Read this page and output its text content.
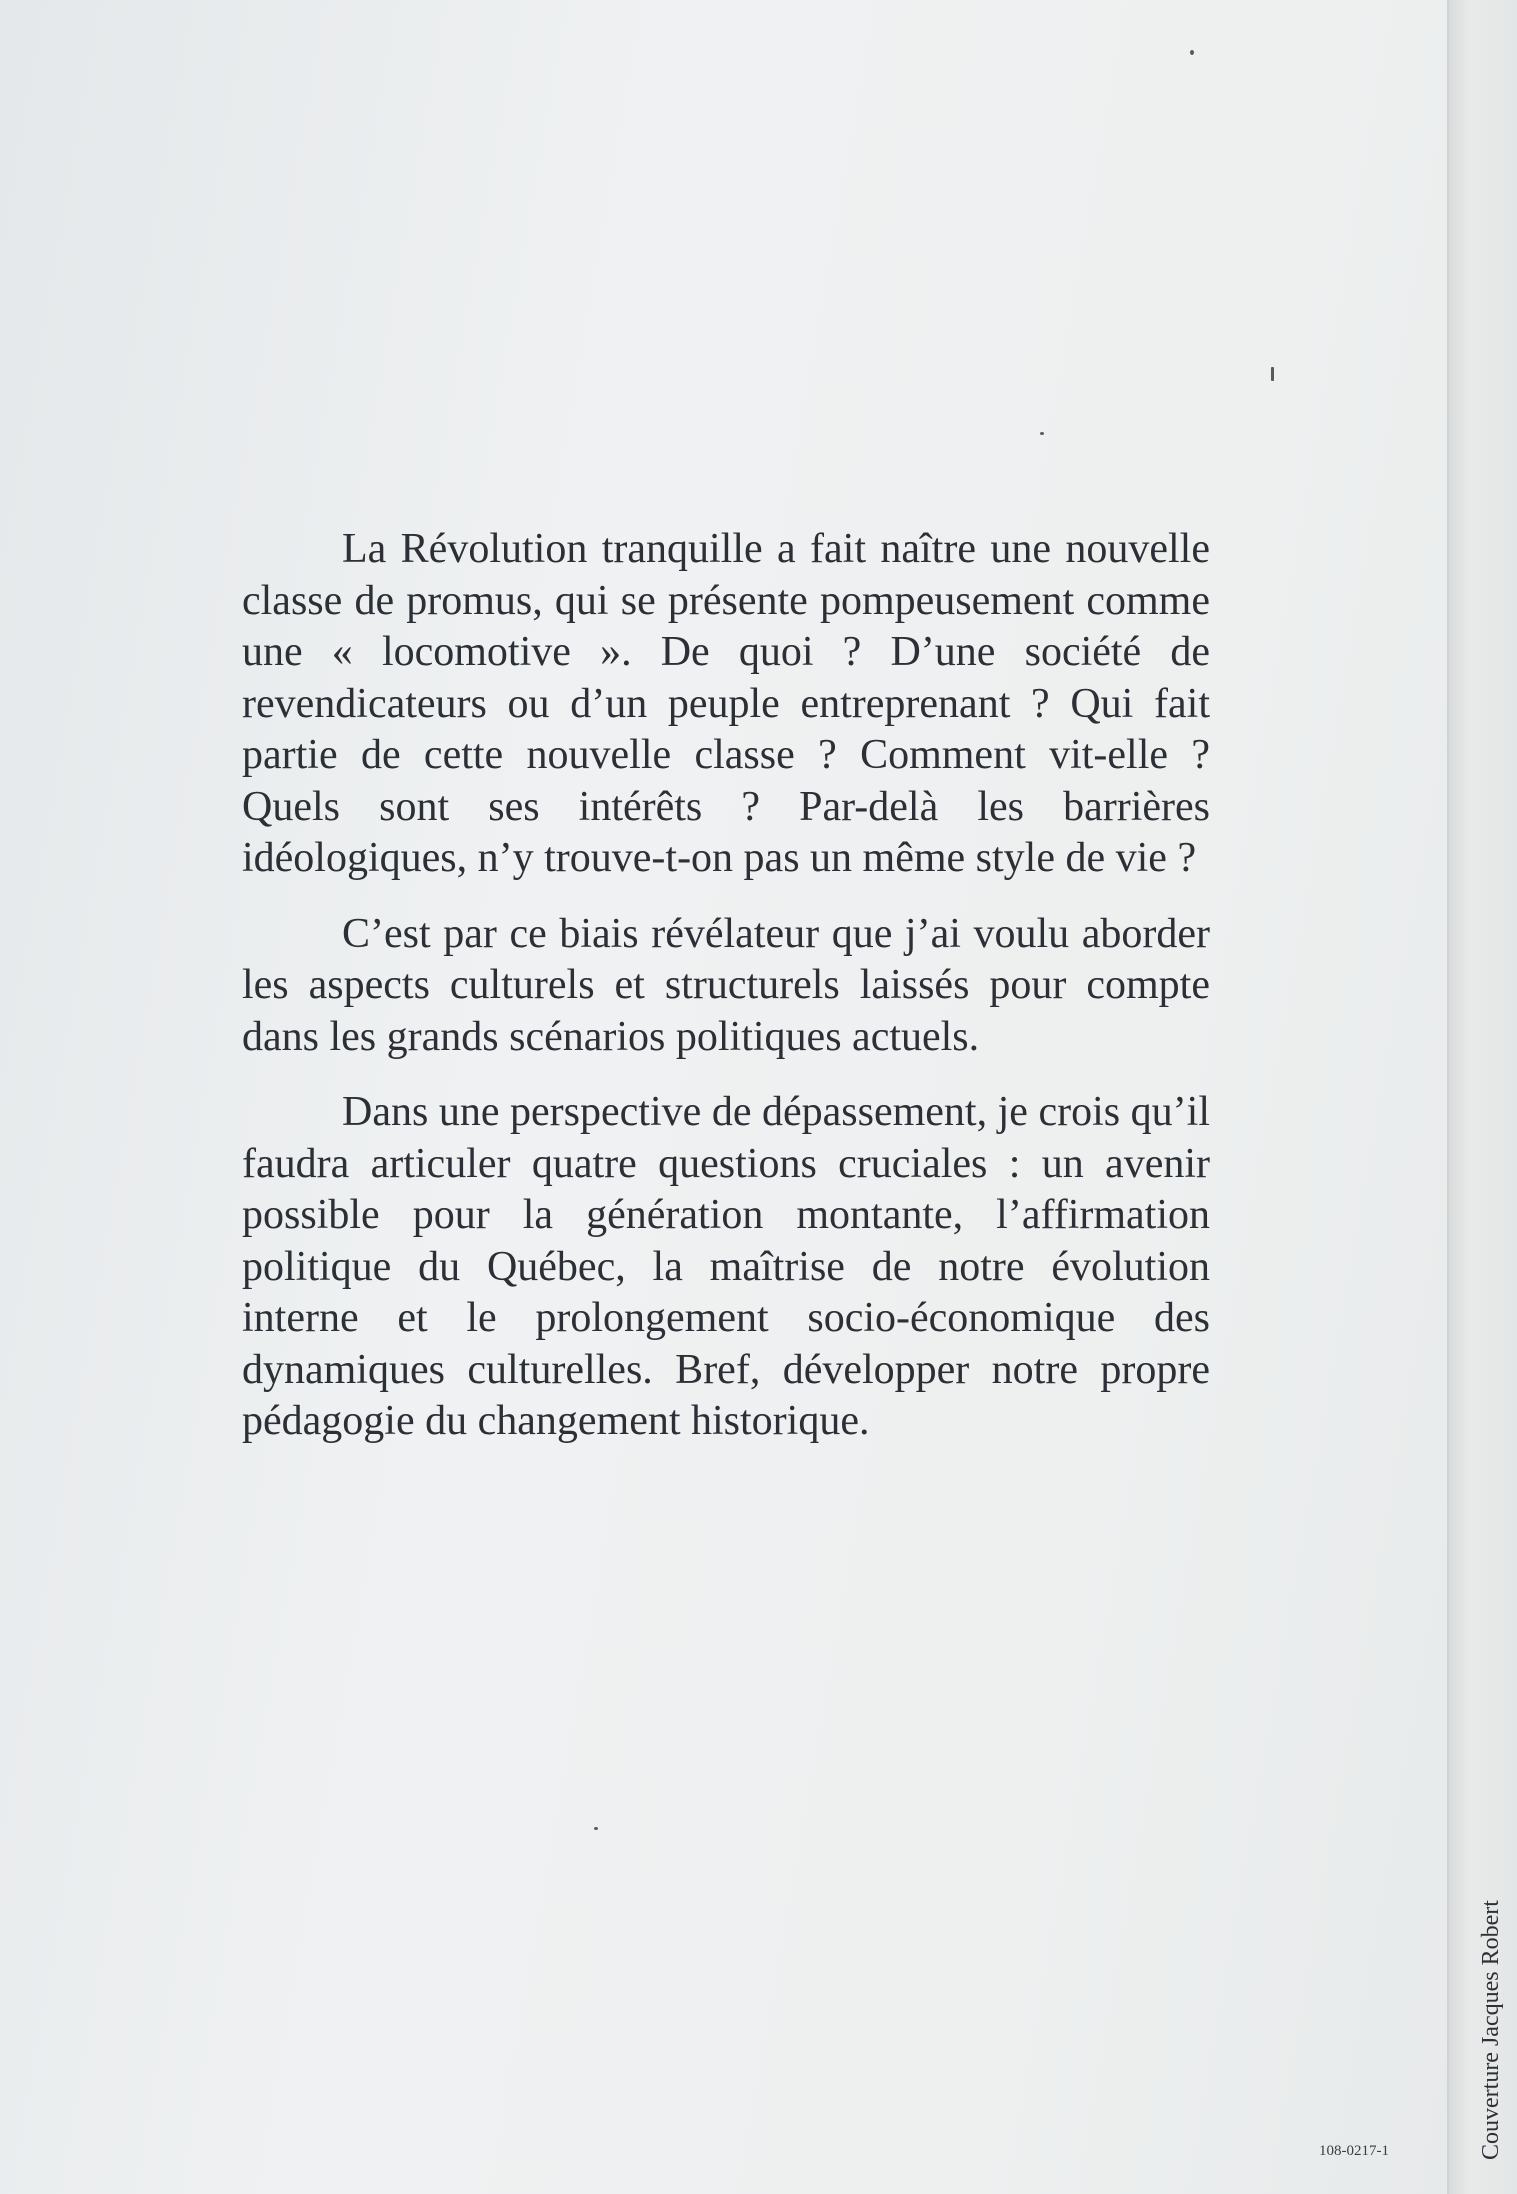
La Révolution tranquille a fait naître une nouvelle classe de promus, qui se présente pompeusement comme une « locomotive ». De quoi ? D’une société de revendicateurs ou d’un peuple entreprenant ? Qui fait partie de cette nouvelle classe ? Comment vit-elle ? Quels sont ses intérêts ? Par-delà les barrières idéologiques, n’y trouve-t-on pas un même style de vie ?

C’est par ce biais révélateur que j’ai voulu aborder les aspects culturels et structurels laissés pour compte dans les grands scénarios politiques actuels.

Dans une perspective de dépassement, je crois qu’il faudra articuler quatre questions cruciales : un avenir possible pour la génération montante, l’affirmation politique du Québec, la maîtrise de notre évolution interne et le prolongement socio-économique des dynamiques culturelles. Bref, développer notre propre pédagogie du changement historique.

Couverture Jacques Robert
108-0217-1
